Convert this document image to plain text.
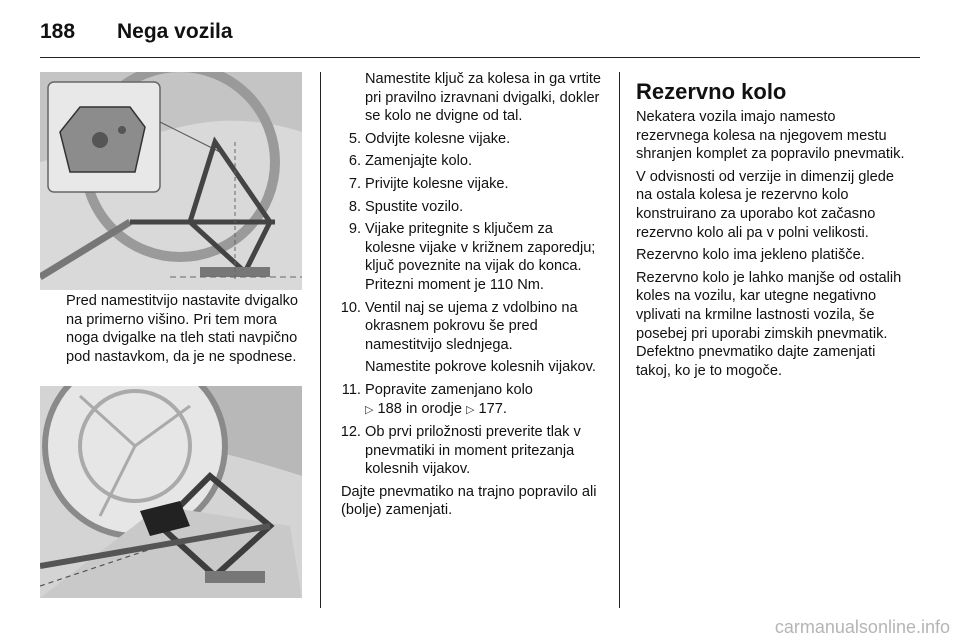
188	Nega vozila

Pred namestitvijo nastavite dvigalko na primerno višino. Pri tem mora noga dvigalke na tleh stati navpično pod nastavkom, da je ne spodnese.

Namestite ključ za kolesa in ga vrtite pri pravilno izravnani dvigalki, dokler se kolo ne dvigne od tal.

5. Odvijte kolesne vijake.
6. Zamenjajte kolo.
7. Privijte kolesne vijake.
8. Spustite vozilo.
9. Vijake pritegnite s ključem za kolesne vijake v križnem zaporedju; ključ poveznite na vijak do konca. Pritezni moment je 110 Nm.
10. Ventil naj se ujema z vdolbino na okrasnem pokrovu še pred namestitvijo slednjega.

Namestite pokrove kolesnih vijakov.

11. Popravite zamenjano kolo
▷ 188 in orodje ▷ 177.
12. Ob prvi priložnosti preverite tlak v pnevmatiki in moment pritezanja kolesnih vijakov.

Dajte pnevmatiko na trajno popravilo ali (bolje) zamenjati.

Rezervno kolo

Nekatera vozila imajo namesto rezervnega kolesa na njegovem mestu shranjen komplet za popravilo pnevmatik.

V odvisnosti od verzije in dimenzij glede na ostala kolesa je rezervno kolo konstruirano za uporabo kot začasno rezervno kolo ali pa v polni velikosti.

Rezervno kolo ima jekleno platišče.

Rezervno kolo je lahko manjše od ostalih koles na vozilu, kar utegne negativno vplivati na krmilne lastnosti vozila, še posebej pri uporabi zimskih pnevmatik. Defektno pnevmatiko dajte zamenjati takoj, ko je to mogoče.

carmanualsonline.info
